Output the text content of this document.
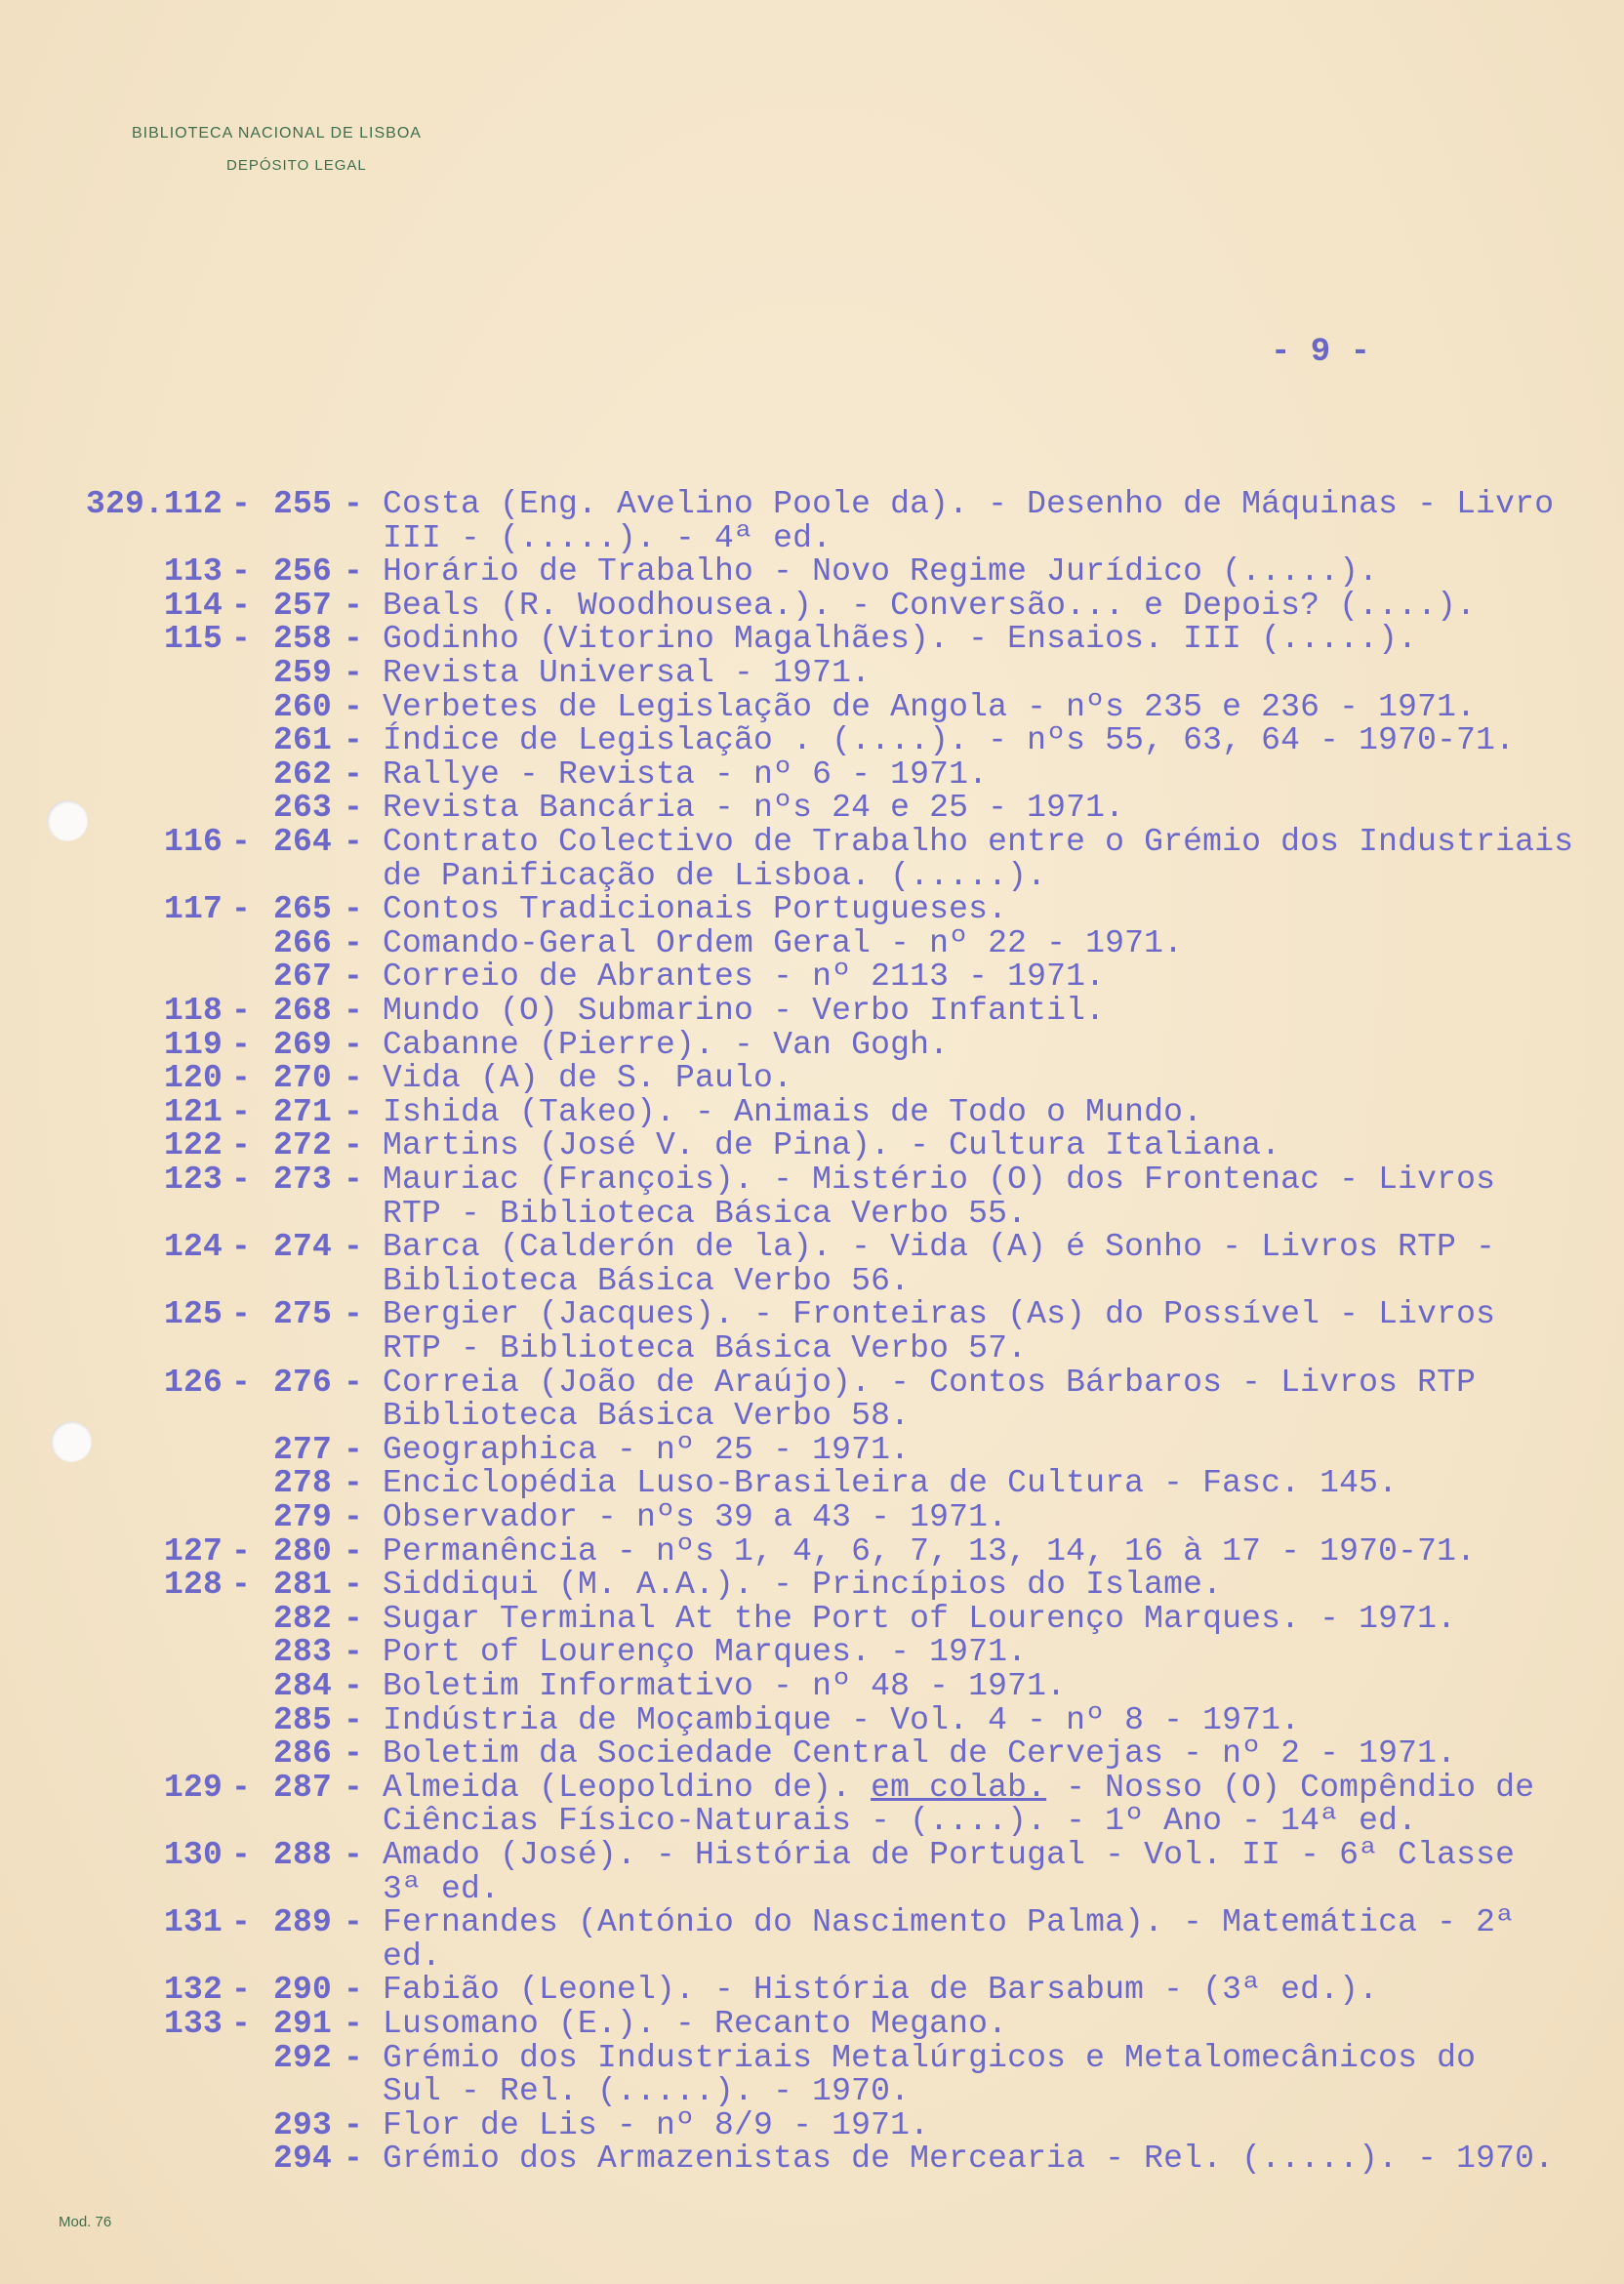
BIBLIOTECA NACIONAL DE LISBOA
DEPÓSITO LEGAL
- 9 -
329.112 - 255 - Costa (Eng. Avelino Poole da). - Desenho de Máquinas - Livro
III - (.....). - 4ª ed.
113 - 256 - Horário de Trabalho - Novo Regime Jurídico (.....).
114 - 257 - Beals (R. Woodhousea.). - Conversão... e Depois? (....).
115 - 258 - Godinho (Vitorino Magalhães). - Ensaios. III (.....).
259 - Revista Universal - 1971.
260 - Verbetes de Legislação de Angola - nºs 235 e 236 - 1971.
261 - Índice de Legislação . (....). - nºs 55, 63, 64 - 1970-71.
262 - Rallye - Revista - nº 6 - 1971.
263 - Revista Bancária - nºs 24 e 25 - 1971.
116 - 264 - Contrato Colectivo de Trabalho entre o Grémio dos Industriais
de Panificação de Lisboa. (.....).
117 - 265 - Contos Tradicionais Portugueses.
266 - Comando-Geral Ordem Geral - nº 22 - 1971.
267 - Correio de Abrantes - nº 2113 - 1971.
118 - 268 - Mundo (O) Submarino - Verbo Infantil.
119 - 269 - Cabanne (Pierre). - Van Gogh.
120 - 270 - Vida (A) de S. Paulo.
121 - 271 - Ishida (Takeo). - Animais de Todo o Mundo.
122 - 272 - Martins (José V. de Pina). - Cultura Italiana.
123 - 273 - Mauriac (François). - Mistério (O) dos Frontenac - Livros
RTP - Biblioteca Básica Verbo 55.
124 - 274 - Barca (Calderón de la). - Vida (A) é Sonho - Livros RTP -
Biblioteca Básica Verbo 56.
125 - 275 - Bergier (Jacques). - Fronteiras (As) do Possível - Livros
RTP - Biblioteca Básica Verbo 57.
126 - 276 - Correia (João de Araújo). - Contos Bárbaros - Livros RTP
Biblioteca Básica Verbo 58.
277 - Geographica - nº 25 - 1971.
278 - Enciclopédia Luso-Brasileira de Cultura - Fasc. 145.
279 - Observador - nºs 39 a 43 - 1971.
127 - 280 - Permanência - nºs 1, 4, 6, 7, 13, 14, 16 à 17 - 1970-71.
128 - 281 - Siddiqui (M. A.A.). - Princípios do Islame.
282 - Sugar Terminal At the Port of Lourenço Marques. - 1971.
283 - Port of Lourenço Marques. - 1971.
284 - Boletim Informativo - nº 48 - 1971.
285 - Indústria de Moçambique - Vol. 4 - nº 8 - 1971.
286 - Boletim da Sociedade Central de Cervejas - nº 2 - 1971.
129 - 287 - Almeida (Leopoldino de). em colab. - Nosso (O) Compêndio de
Ciências Físico-Naturais - (....). - 1º Ano - 14ª ed.
130 - 288 - Amado (José). - História de Portugal - Vol. II - 6ª Classe
3ª ed.
131 - 289 - Fernandes (António do Nascimento Palma). - Matemática - 2ª
ed.
132 - 290 - Fabião (Leonel). - História de Barsabum - (3ª ed.).
133 - 291 - Lusomano (E.). - Recanto Megano.
292 - Grémio dos Industriais Metalúrgicos e Metalomecânicos do
Sul - Rel. (.....). - 1970.
293 - Flor de Lis - nº 8/9 - 1971.
294 - Grémio dos Armazenistas de Mercearia - Rel. (.....). - 1970.
Mod. 76
